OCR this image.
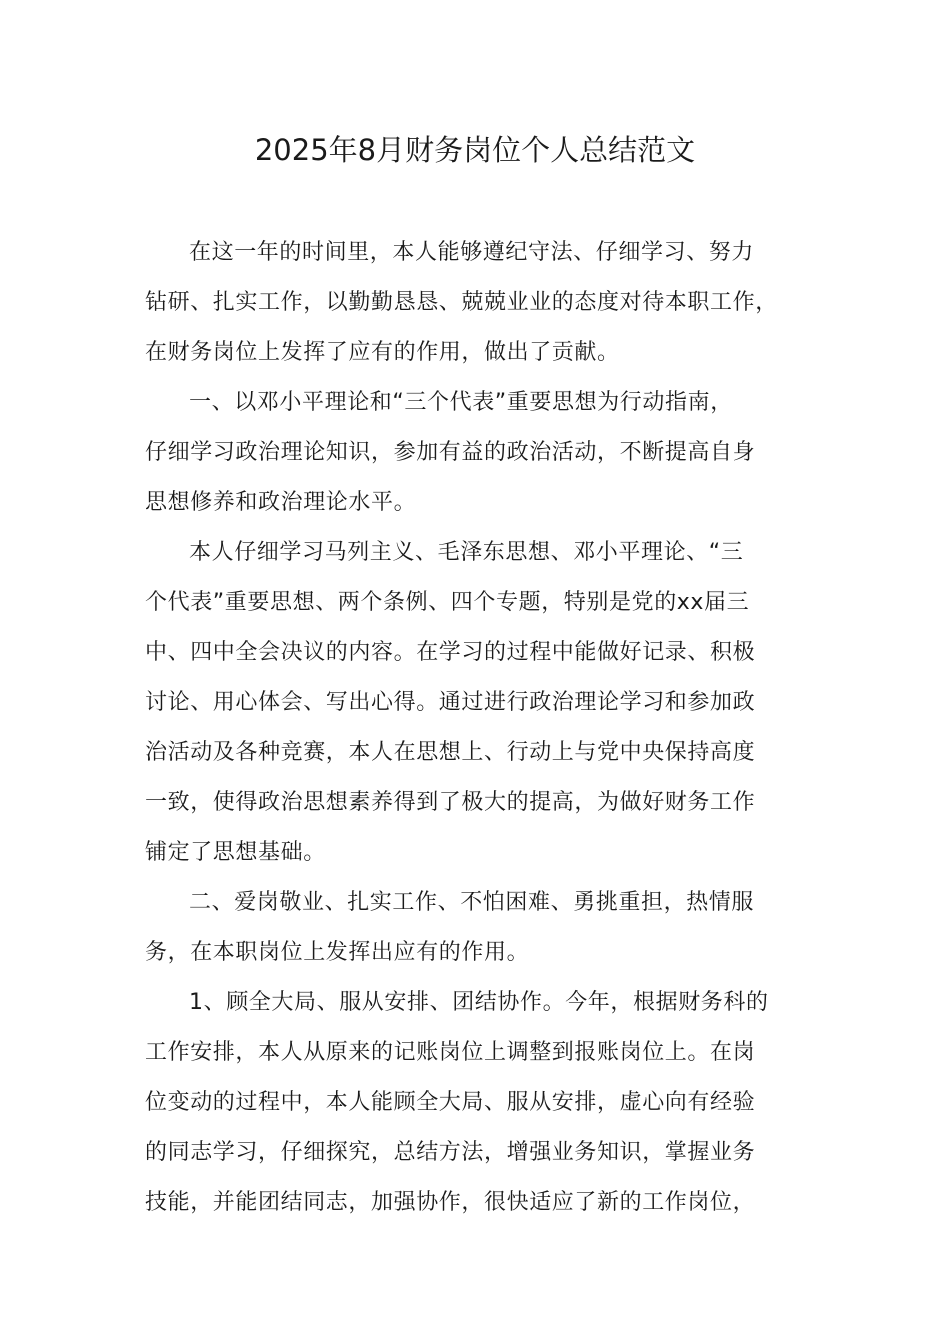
2025年8月财务岗位个人总结范文

在这一年的时间里，本人能够遵纪守法、仔细学习、努力

钻研、扎实工作，以勤勤恳恳、兢兢业业的态度对待本职工作，
在财务岗位上发挥了应有的作用，做出了贡献。

一、以邓小平理论和“三个代表”重要思想为行动指南，

仔细学习政治理论知识，参加有益的政治活动，不断提高自身
思想修养和政治理论水平。

本人仔细学习马列主义、毛泽东思想、邓小平理论、“三

个代表”重要思想、两个条例、四个专题，特别是党的xx届三
中、四中全会决议的内容。在学习的过程中能做好记录、积极
讨论、用心体会、写出心得。通过进行政治理论学习和参加政
治活动及各种竞赛，本人在思想上、行动上与党中央保持高度
一致，使得政治思想素养得到了极大的提高，为做好财务工作
铺定了思想基础。

二、爱岗敬业、扎实工作、不怕困难、勇挑重担，热情服

务，在本职岗位上发挥出应有的作用。

1、顾全大局、服从安排、团结协作。今年，根据财务科的

工作安排，本人从原来的记账岗位上调整到报账岗位上。在岗
位变动的过程中，本人能顾全大局、服从安排，虚心向有经验
的同志学习，仔细探究，总结方法，增强业务知识，掌握业务
技能，并能团结同志，加强协作，很快适应了新的工作岗位，
